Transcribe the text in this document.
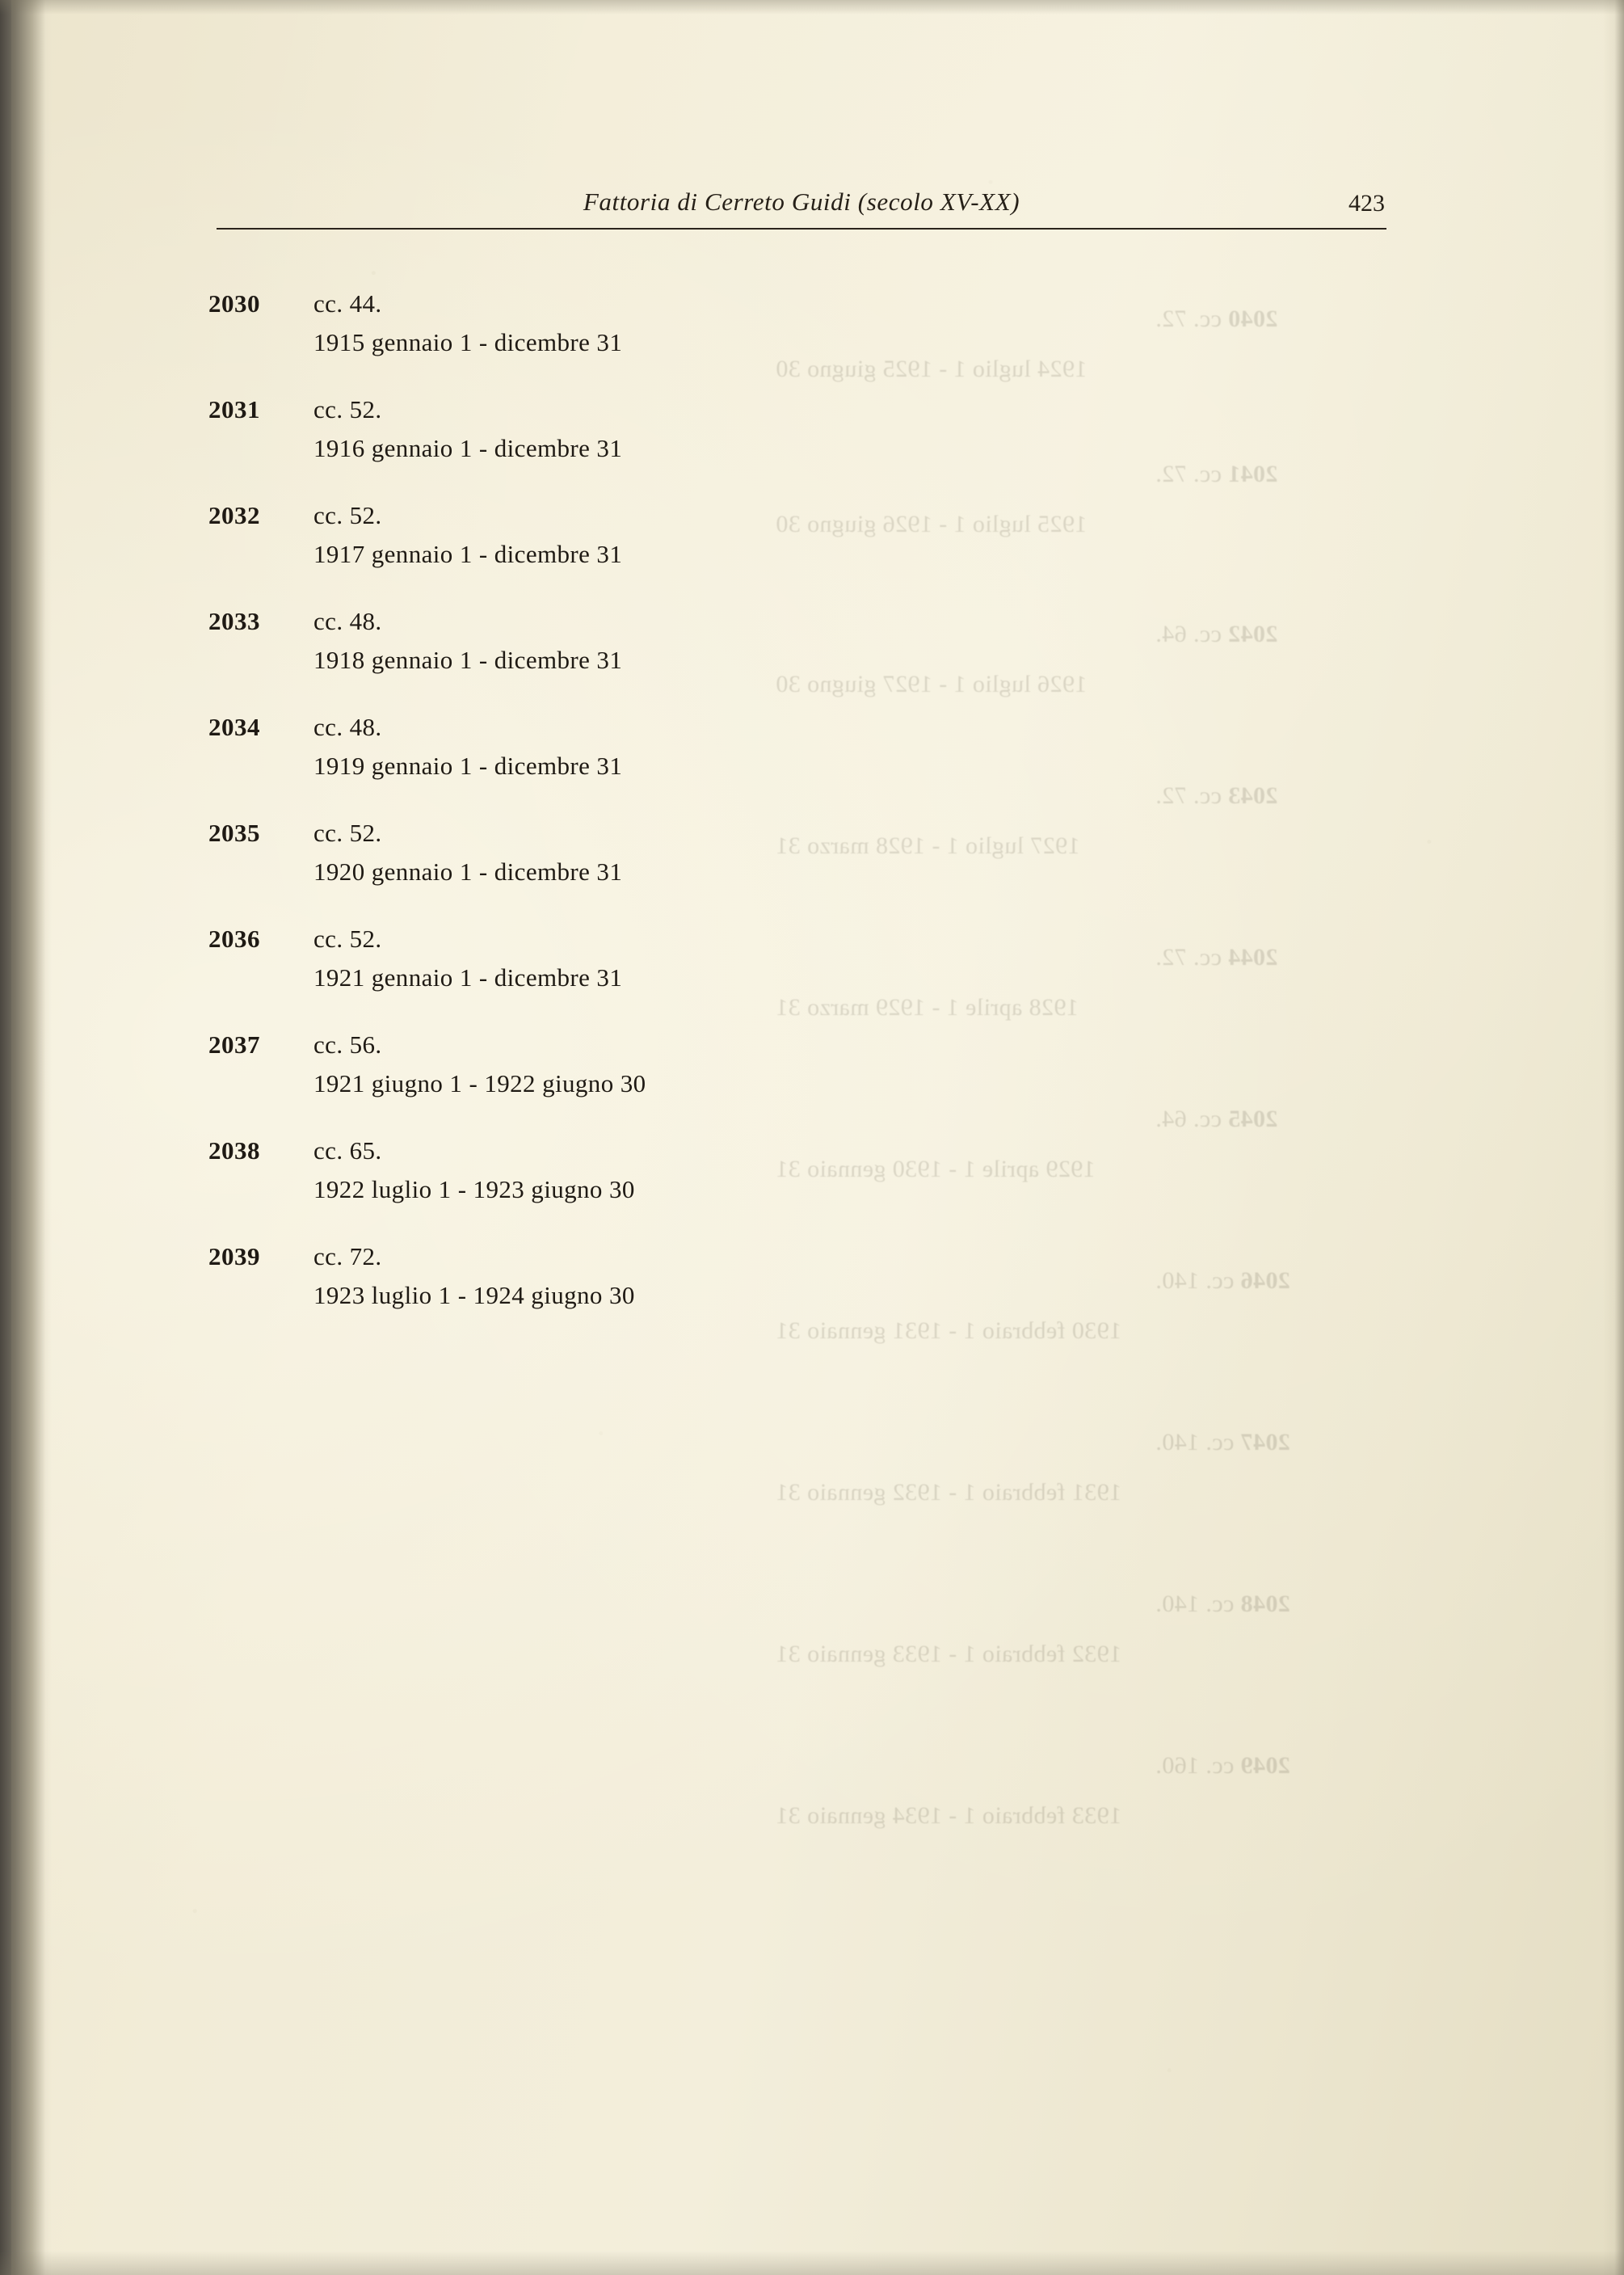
2040 cc. 72.
1924 luglio 1 - 1925 giugno 30
2041 cc. 72.
1925 luglio 1 - 1926 giugno 30
2042 cc. 64.
1926 luglio 1 - 1927 giugno 30
2043 cc. 72.
1927 luglio 1 - 1928 marzo 31
2044 cc. 72.
1928 aprile 1 - 1929 marzo 31
2045 cc. 64.
1929 aprile 1 - 1930 gennaio 31
2046 cc. 140.
1930 febbraio 1 - 1931 gennaio 31
2047 cc. 140.
1931 febbraio 1 - 1932 gennaio 31
2048 cc. 140.
1932 febbraio 1 - 1933 gennaio 31
2049 cc. 160.
1933 febbraio 1 - 1934 gennaio 31
Fattoria di Cerreto Guidi (secolo XV-XX)	423
2030	cc. 44.
1915 gennaio 1 - dicembre 31
2031	cc. 52.
1916 gennaio 1 - dicembre 31
2032	cc. 52.
1917 gennaio 1 - dicembre 31
2033	cc. 48.
1918 gennaio 1 - dicembre 31
2034	cc. 48.
1919 gennaio 1 - dicembre 31
2035	cc. 52.
1920 gennaio 1 - dicembre 31
2036	cc. 52.
1921 gennaio 1 - dicembre 31
2037	cc. 56.
1921 giugno 1 - 1922 giugno 30
2038	cc. 65.
1922 luglio 1 - 1923 giugno 30
2039	cc. 72.
1923 luglio 1 - 1924 giugno 30
